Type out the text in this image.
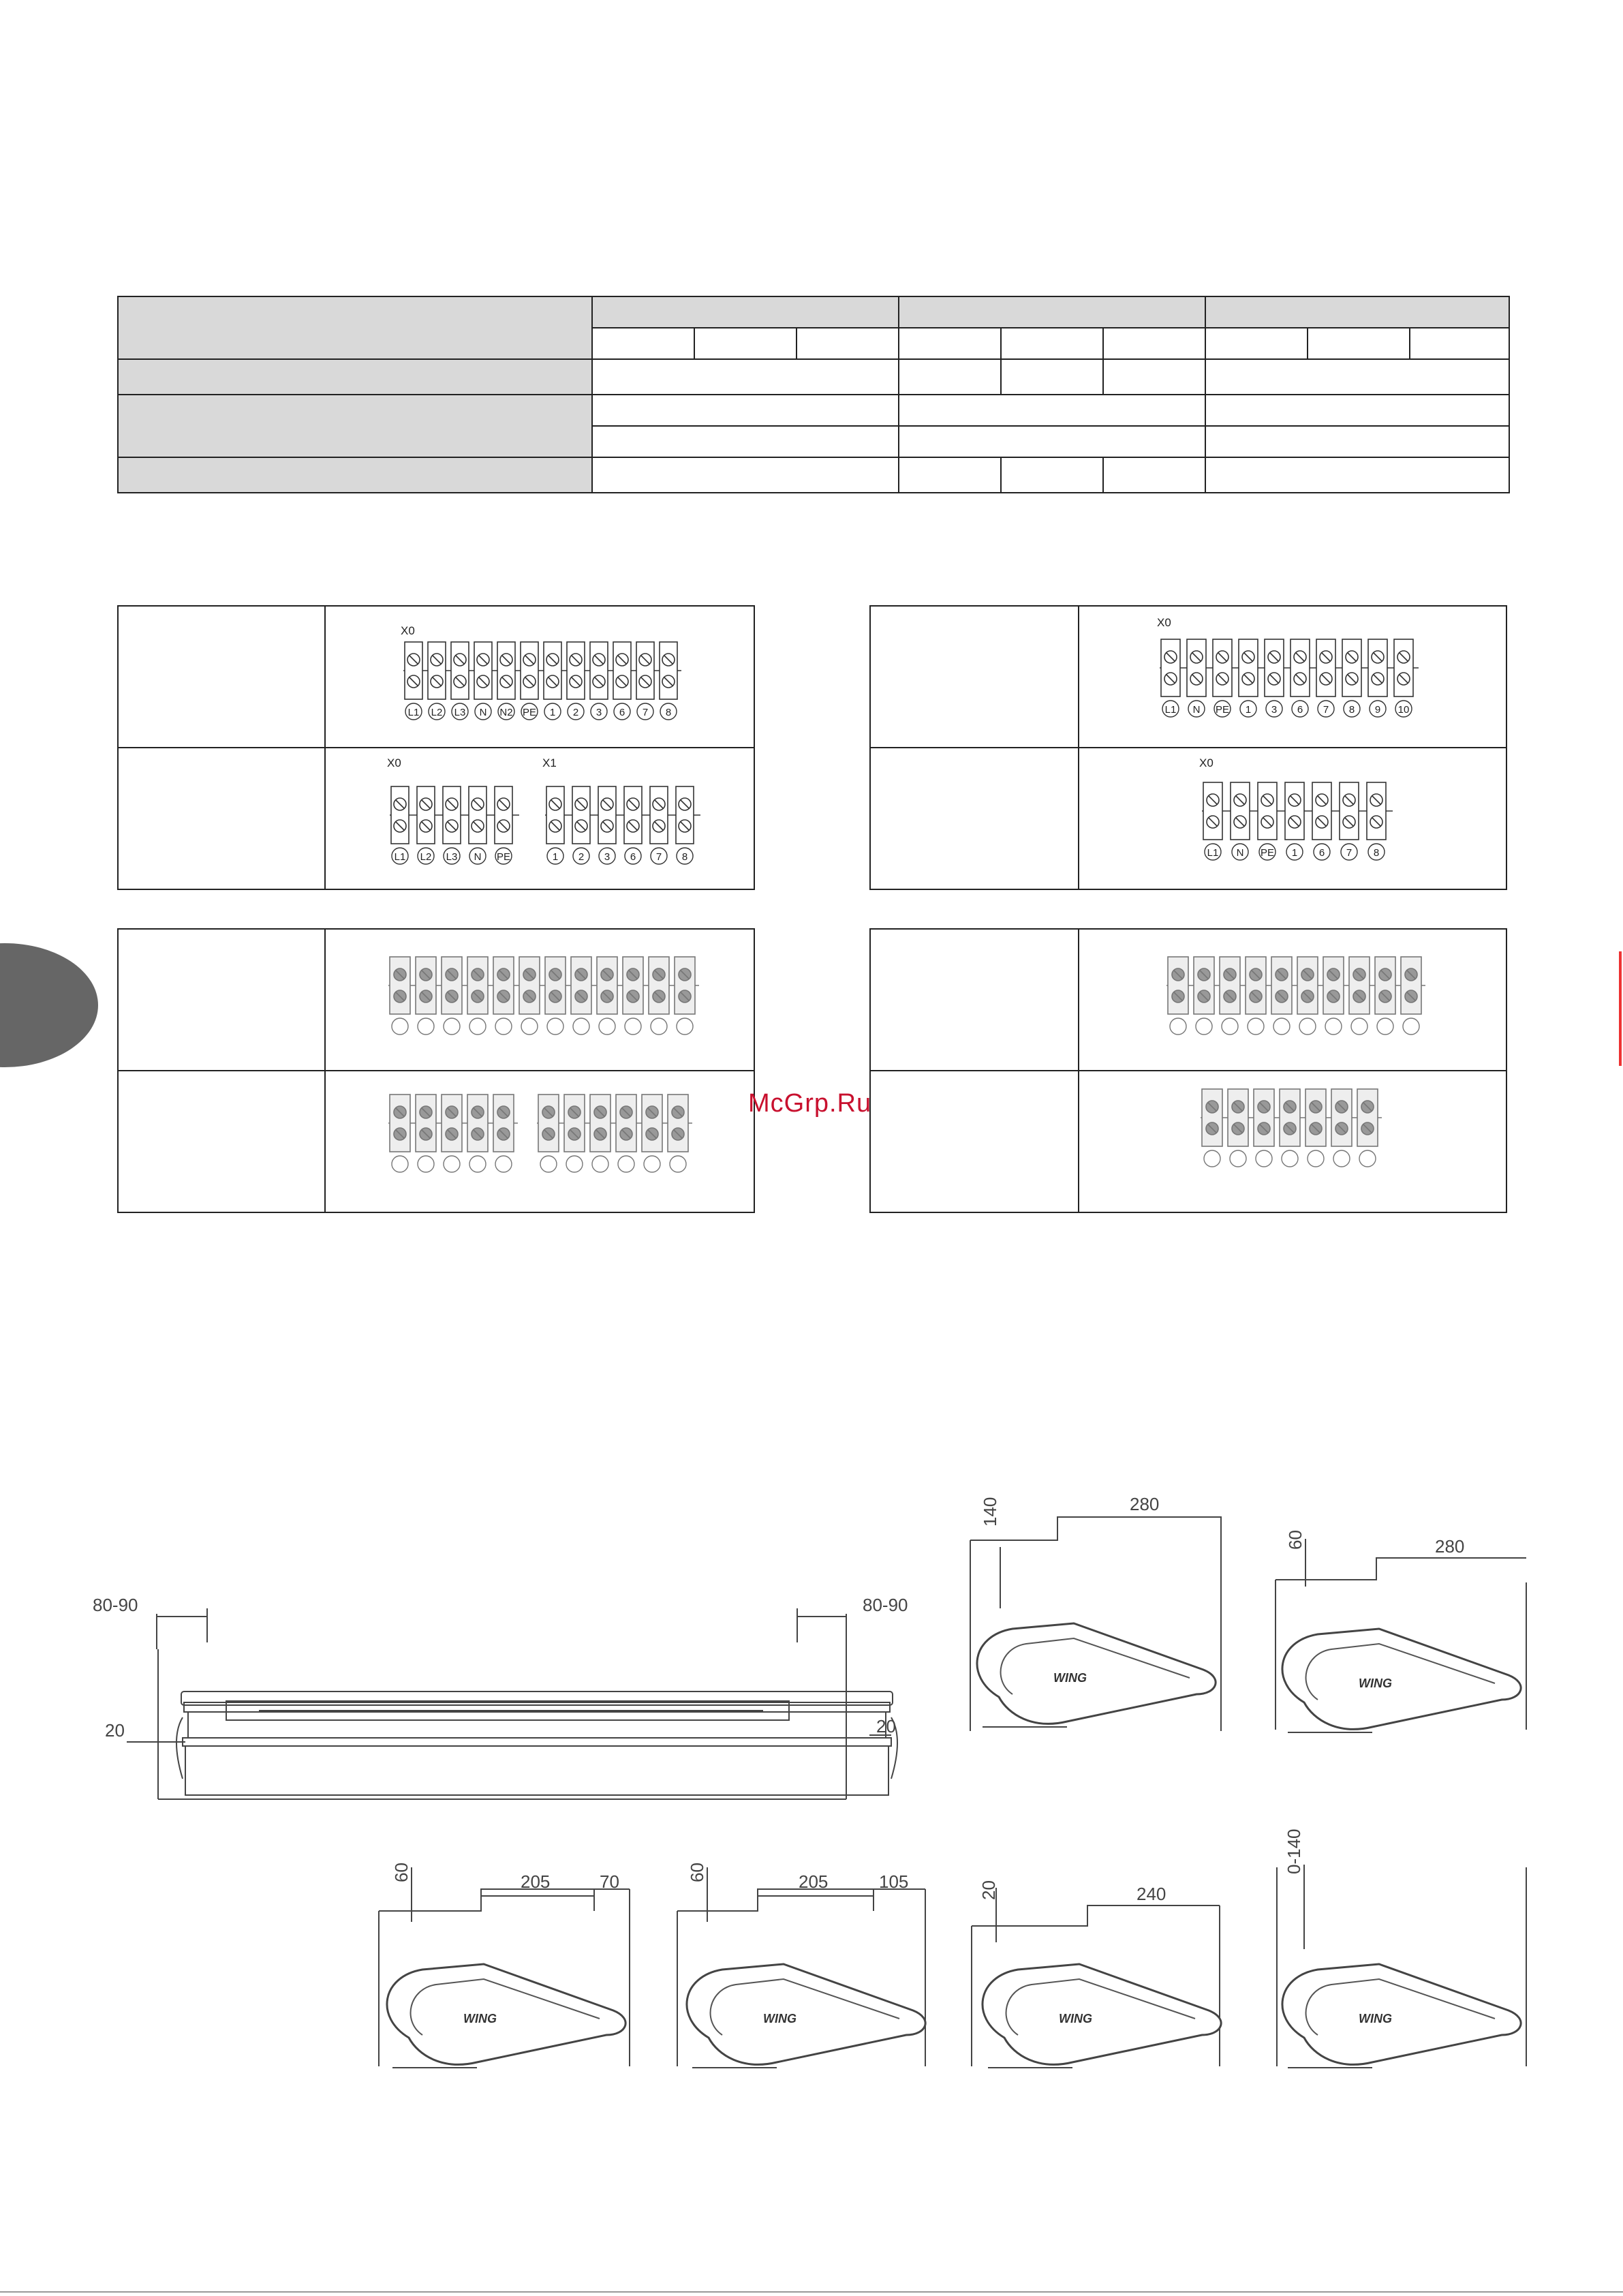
X0
L1 L2 L3 N N2 PE 1 2 3 6 7 8
X0	X1
L1 L2 L3 N PE	1 2 3 6 7 8
X0
L1 N PE 1 3 6 7 8 9 10
X0
L1 N PE 1 6 7 8
McGrp.Ru
80-90	80-90
20	20
WING
140	280
WING
60	280
WING
60	205	70
WING
60	205	105
WING
20	240
WING
0-140
